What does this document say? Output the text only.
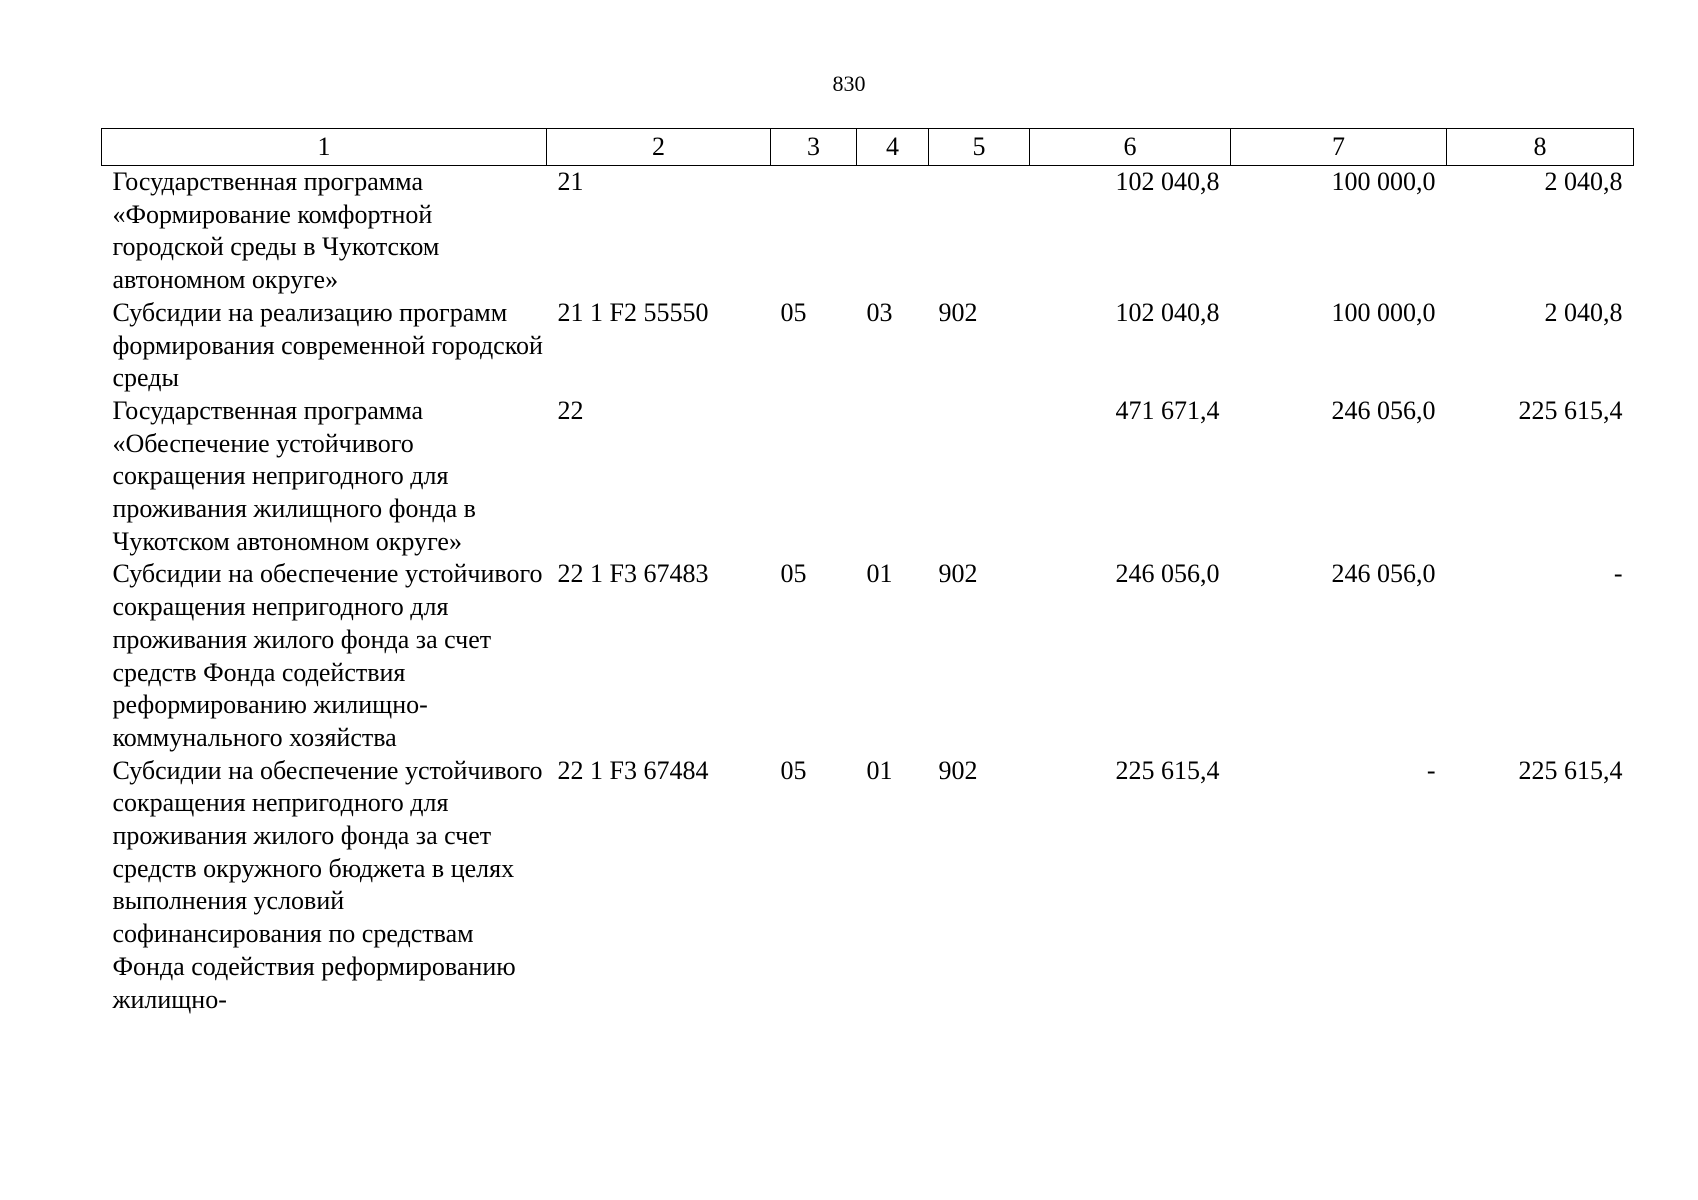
830
1	2	3	4	5	6	7	8
Государственная программа «Формирование комфортной городской среды в Чукотском автономном округе»	21				102 040,8	100 000,0	2 040,8
Субсидии на реализацию программ формирования современной городской среды	21 1 F2 55550	05	03	902	102 040,8	100 000,0	2 040,8
Государственная программа «Обеспечение устойчивого сокращения непригодного для проживания жилищного фонда в Чукотском автономном округе»	22				471 671,4	246 056,0	225 615,4
Субсидии на обеспечение устойчивого сокращения непригодного для проживания жилого фонда за счет средств Фонда содействия реформированию жилищно-коммунального хозяйства	22 1 F3 67483	05	01	902	246 056,0	246 056,0	-
Субсидии на обеспечение устойчивого сокращения непригодного для проживания жилого фонда за счет средств окружного бюджета в целях выполнения условий софинансирования по средствам Фонда содействия реформированию жилищно-	22 1 F3 67484	05	01	902	225 615,4	-	225 615,4
